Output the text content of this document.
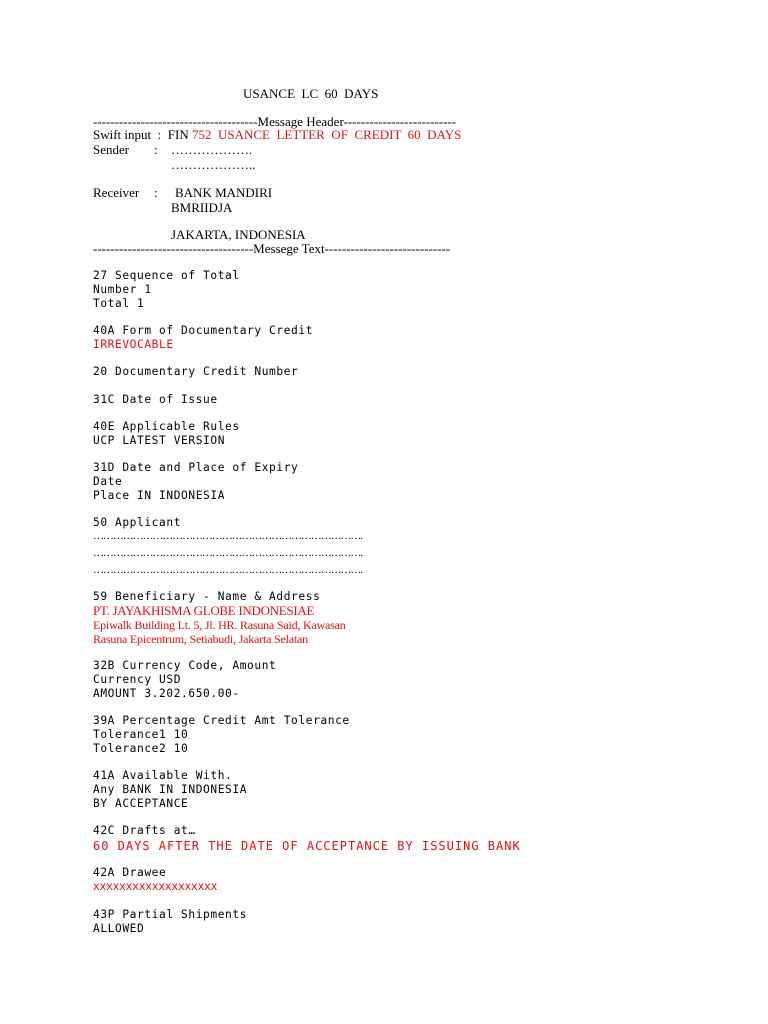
USANCE  LC  60  DAYS
--------------------------------------Message Header--------------------------
Swift input  :  FIN 752  USANCE  LETTER  OF  CREDIT  60  DAYS
Sender : ……………….
………………..
Receiver : BANK MANDIRI
BMRIIDJA
JAKARTA, INDONESIA
-------------------------------------Messege Text-----------------------------
27 Sequence of Total
Number 1
Total 1
40A Form of Documentary Credit
IRREVOCABLE
20 Documentary Credit Number
31C Date of Issue
40E Applicable Rules
UCP LATEST VERSION
31D Date and Place of Expiry
Date
Place IN INDONESIA
50 Applicant
……………………………………………………………………….
……………………………………………………………………….
……………………………………………………………………….
59 Beneficiary - Name & Address
PT. JAYAKHISMA GLOBE INDONESIAE
Epiwalk Building Lt. 5, Jl. HR. Rasuna Said, Kawasan
Rasuna Epicentrum, Setiabudi, Jakarta Selatan
32B Currency Code, Amount
Currency USD
AMOUNT 3.202.650.00-
39A Percentage Credit Amt Tolerance
Tolerance1 10
Tolerance2 10
41A Available With.
Any BANK IN INDONESIA
BY ACCEPTANCE
42C Drafts at…
60 DAYS AFTER THE DATE OF ACCEPTANCE BY ISSUING BANK
42A Drawee
xxxxxxxxxxxxxxxxxxx
43P Partial Shipments
ALLOWED
